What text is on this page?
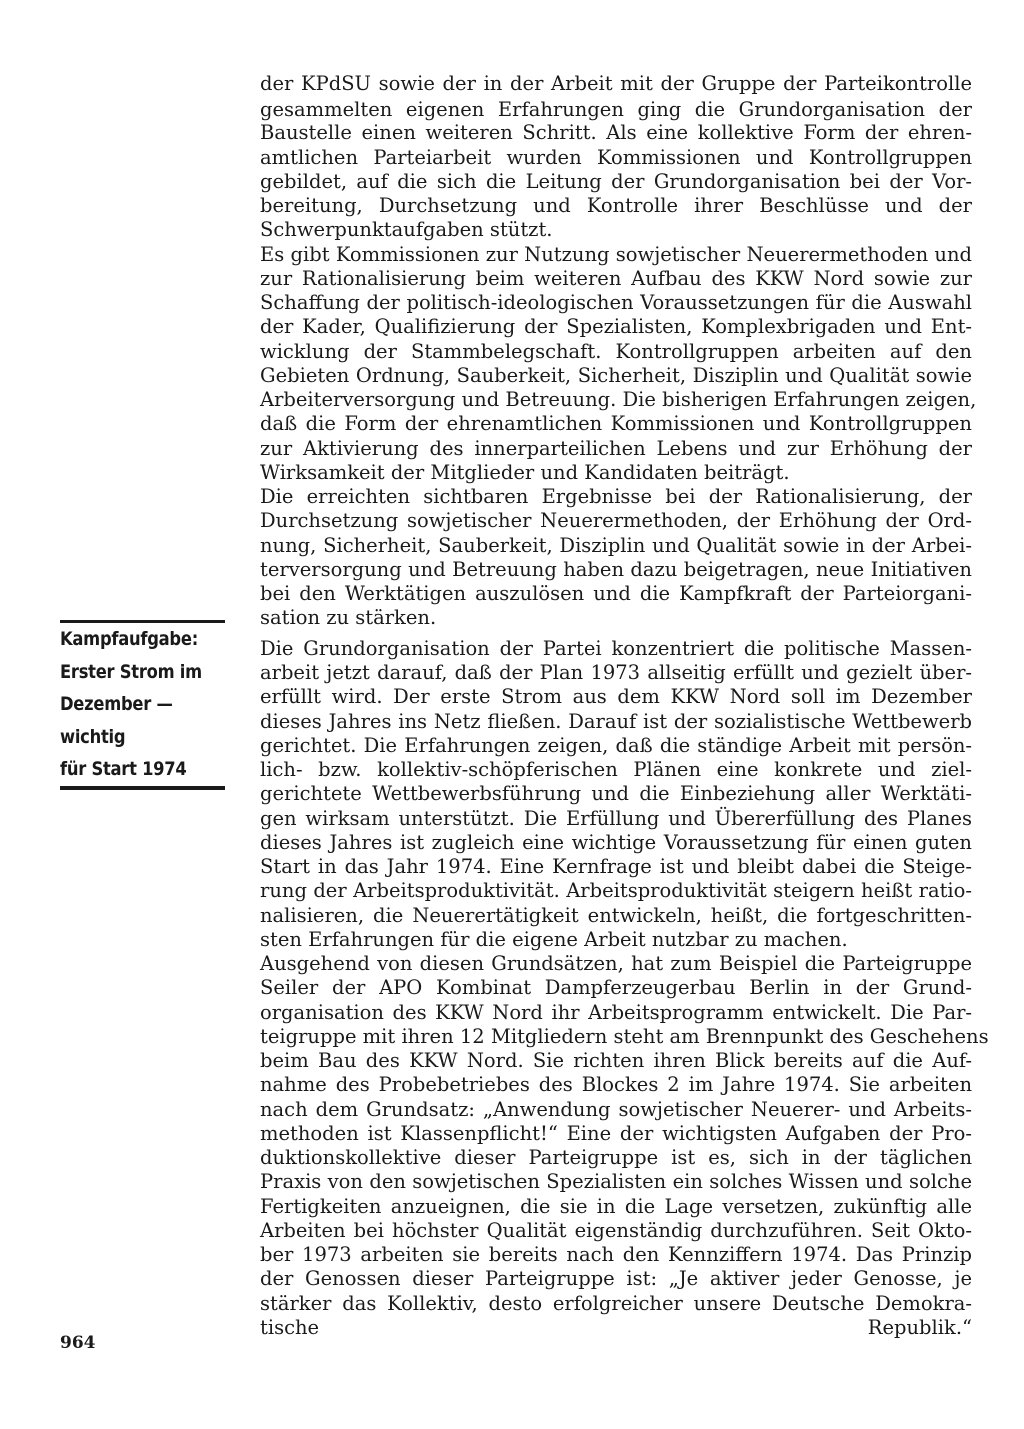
Kampfaufgabe:
Erster Strom im
Dezember —
wichtig
für Start 1974
der KPdSU sowie der in der Arbeit mit der Gruppe der Parteikontrolle
gesammelten eigenen Erfahrungen ging die Grundorganisation der
Baustelle einen weiteren Schritt. Als eine kollektive Form der ehren-
amtlichen Parteiarbeit wurden Kommissionen und Kontrollgruppen
gebildet, auf die sich die Leitung der Grundorganisation bei der Vor-
bereitung, Durchsetzung und Kontrolle ihrer Beschlüsse und der
Schwerpunktaufgaben stützt.
Es gibt Kommissionen zur Nutzung sowjetischer Neuerermethoden und
zur Rationalisierung beim weiteren Aufbau des KKW Nord sowie zur
Schaffung der politisch-ideologischen Voraussetzungen für die Auswahl
der Kader, Qualifizierung der Spezialisten, Komplexbrigaden und Ent-
wicklung der Stammbelegschaft. Kontrollgruppen arbeiten auf den
Gebieten Ordnung, Sauberkeit, Sicherheit, Disziplin und Qualität sowie
Arbeiterversorgung und Betreuung. Die bisherigen Erfahrungen zeigen,
daß die Form der ehrenamtlichen Kommissionen und Kontrollgruppen
zur Aktivierung des innerparteilichen Lebens und zur Erhöhung der
Wirksamkeit der Mitglieder und Kandidaten beiträgt.
Die erreichten sichtbaren Ergebnisse bei der Rationalisierung, der
Durchsetzung sowjetischer Neuerermethoden, der Erhöhung der Ord-
nung, Sicherheit, Sauberkeit, Disziplin und Qualität sowie in der Arbei-
terversorgung und Betreuung haben dazu beigetragen, neue Initiativen
bei den Werktätigen auszulösen und die Kampfkraft der Parteiorgani-
sation zu stärken.
Die Grundorganisation der Partei konzentriert die politische Massen-
arbeit jetzt darauf, daß der Plan 1973 allseitig erfüllt und gezielt über-
erfüllt wird. Der erste Strom aus dem KKW Nord soll im Dezember
dieses Jahres ins Netz fließen. Darauf ist der sozialistische Wettbewerb
gerichtet. Die Erfahrungen zeigen, daß die ständige Arbeit mit persön-
lich- bzw. kollektiv-schöpferischen Plänen eine konkrete und ziel-
gerichtete Wettbewerbsführung und die Einbeziehung aller Werktäti-
gen wirksam unterstützt. Die Erfüllung und Übererfüllung des Planes
dieses Jahres ist zugleich eine wichtige Voraussetzung für einen guten
Start in das Jahr 1974. Eine Kernfrage ist und bleibt dabei die Steige-
rung der Arbeitsproduktivität. Arbeitsproduktivität steigern heißt ratio-
nalisieren, die Neuerertätigkeit entwickeln, heißt, die fortgeschritten-
sten Erfahrungen für die eigene Arbeit nutzbar zu machen.
Ausgehend von diesen Grundsätzen, hat zum Beispiel die Parteigruppe
Seiler der APO Kombinat Dampferzeugerbau Berlin in der Grund-
organisation des KKW Nord ihr Arbeitsprogramm entwickelt. Die Par-
teigruppe mit ihren 12 Mitgliedern steht am Brennpunkt des Geschehens
beim Bau des KKW Nord. Sie richten ihren Blick bereits auf die Auf-
nahme des Probebetriebes des Blockes 2 im Jahre 1974. Sie arbeiten
nach dem Grundsatz: „Anwendung sowjetischer Neuerer- und Arbeits-
methoden ist Klassenpflicht!“ Eine der wichtigsten Aufgaben der Pro-
duktionskollektive dieser Parteigruppe ist es, sich in der täglichen
Praxis von den sowjetischen Spezialisten ein solches Wissen und solche
Fertigkeiten anzueignen, die sie in die Lage versetzen, zukünftig alle
Arbeiten bei höchster Qualität eigenständig durchzuführen. Seit Okto-
ber 1973 arbeiten sie bereits nach den Kennziffern 1974. Das Prinzip
der Genossen dieser Parteigruppe ist: „Je aktiver jeder Genosse, je
stärker das Kollektiv, desto erfolgreicher unsere Deutsche Demokra-
tische Republik.“
964
